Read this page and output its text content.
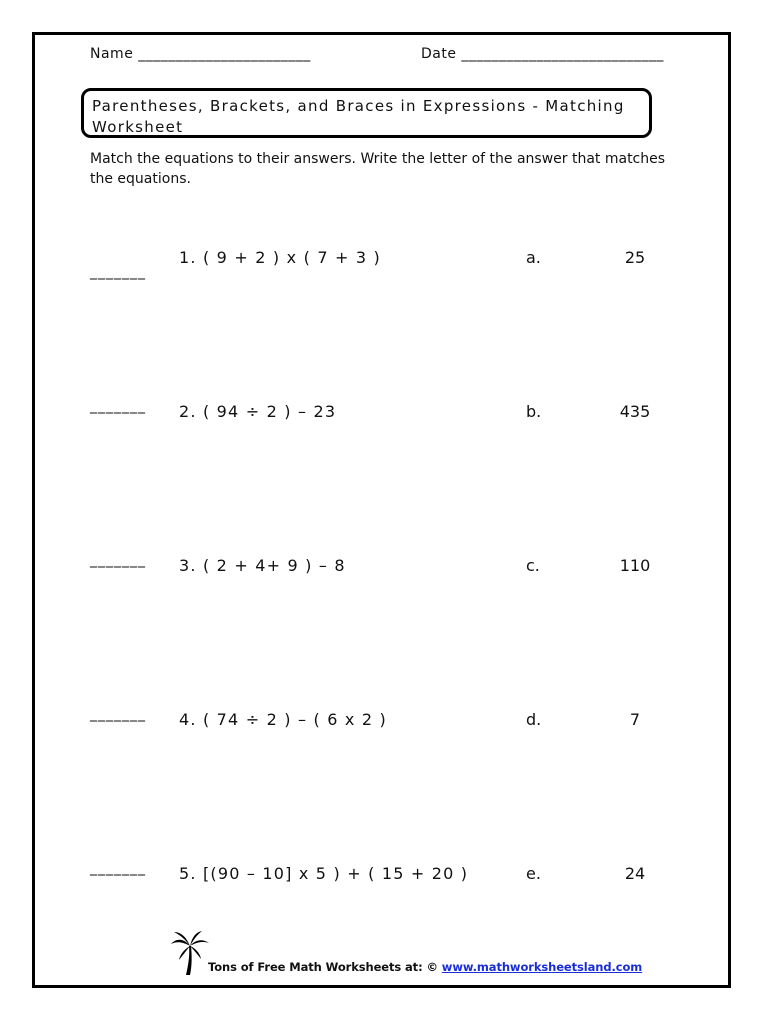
Name _______________________	Date ___________________________
Parentheses, Brackets, and Braces in Expressions - Matching Worksheet
Match the equations to their answers. Write the letter of the answer that matches the equations.
_______
1. ( 9 + 2 ) x ( 7 + 3 )	a.	25
_______ 2. ( 94 ÷ 2 ) – 23	b.	435
_______ 3. ( 2 + 4+ 9 ) – 8	c.	110
_______ 4. ( 74 ÷ 2 ) – ( 6 x 2 )	d.	7
_______ 5. [(90 – 10] x 5 ) + ( 15 + 20 )	e.	24
Tons of Free Math Worksheets at: © www.mathworksheetsland.com
